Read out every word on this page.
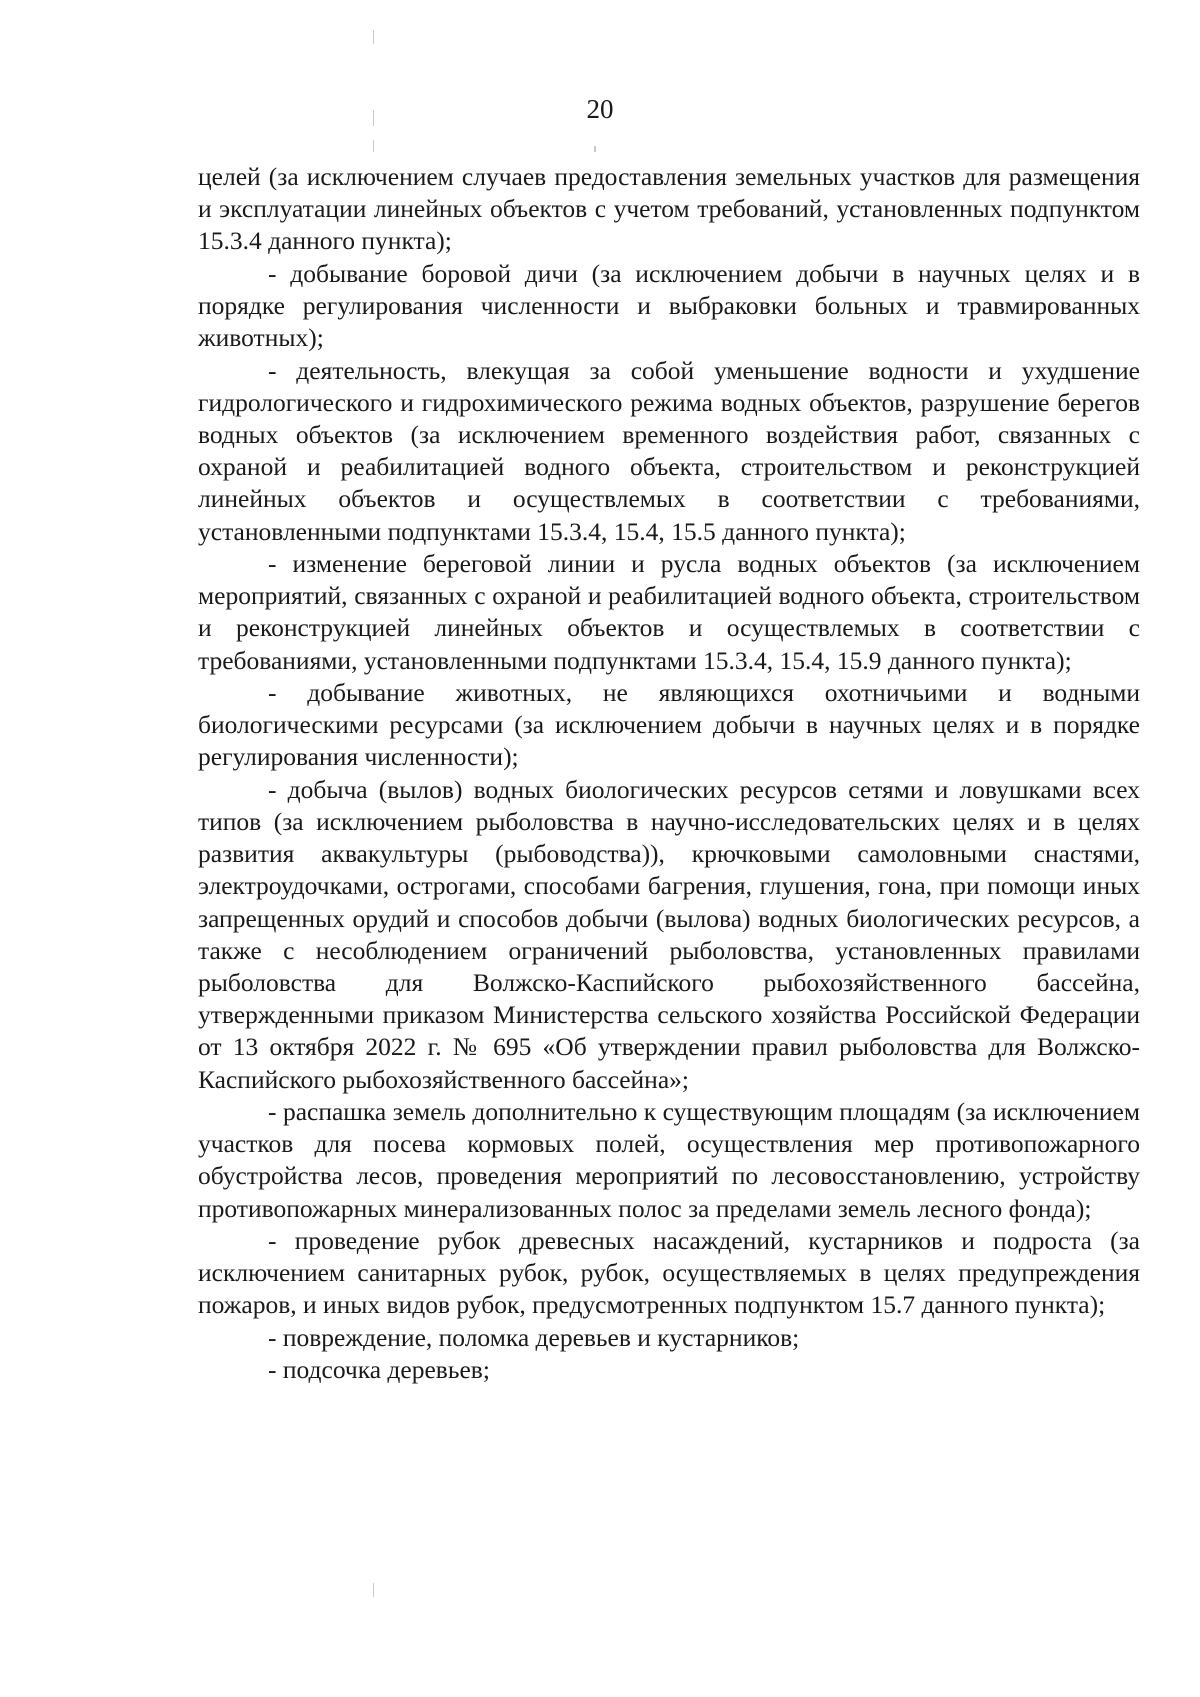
20

целей (за исключением случаев предоставления земельных участков для размещения и эксплуатации линейных объектов с учетом требований, установленных подпунктом 15.3.4 данного пункта);

- добывание боровой дичи (за исключением добычи в научных целях и в порядке регулирования численности и выбраковки больных и травмированных животных);

- деятельность, влекущая за собой уменьшение водности и ухудшение гидрологического и гидрохимического режима водных объектов, разрушение берегов водных объектов (за исключением временного воздействия работ, связанных с охраной и реабилитацией водного объекта, строительством и реконструкцией линейных объектов и осуществлемых в соответствии с требованиями, установленными подпунктами 15.3.4, 15.4, 15.5 данного пункта);

- изменение береговой линии и русла водных объектов (за исключением мероприятий, связанных с охраной и реабилитацией водного объекта, строительством и реконструкцией линейных объектов и осуществлемых в соответствии с требованиями, установленными подпунктами 15.3.4, 15.4, 15.9 данного пункта);

- добывание животных, не являющихся охотничьими и водными биологическими ресурсами (за исключением добычи в научных целях и в порядке регулирования численности);

- добыча (вылов) водных биологических ресурсов сетями и ловушками всех типов (за исключением рыболовства в научно-исследовательских целях и в целях развития аквакультуры (рыбоводства)), крючковыми самоловными снастями, электроудочками, острогами, способами багрения, глушения, гона, при помощи иных запрещенных орудий и способов добычи (вылова) водных биологических ресурсов, а также с несоблюдением ограничений рыболовства, установленных правилами рыболовства для Волжско-Каспийского рыбохозяйственного бассейна, утвержденными приказом Министерства сельского хозяйства Российской Федерации от 13 октября 2022 г. № 695 «Об утверждении правил рыболовства для Волжско-Каспийского рыбохозяйственного бассейна»;

- распашка земель дополнительно к существующим площадям (за исключением участков для посева кормовых полей, осуществления мер противопожарного обустройства лесов, проведения мероприятий по лесовосстановлению, устройству противопожарных минерализованных полос за пределами земель лесного фонда);

- проведение рубок древесных насаждений, кустарников и подроста (за исключением санитарных рубок, рубок, осуществляемых в целях предупреждения пожаров, и иных видов рубок, предусмотренных подпунктом 15.7 данного пункта);

- повреждение, поломка деревьев и кустарников;

- подсочка деревьев;
